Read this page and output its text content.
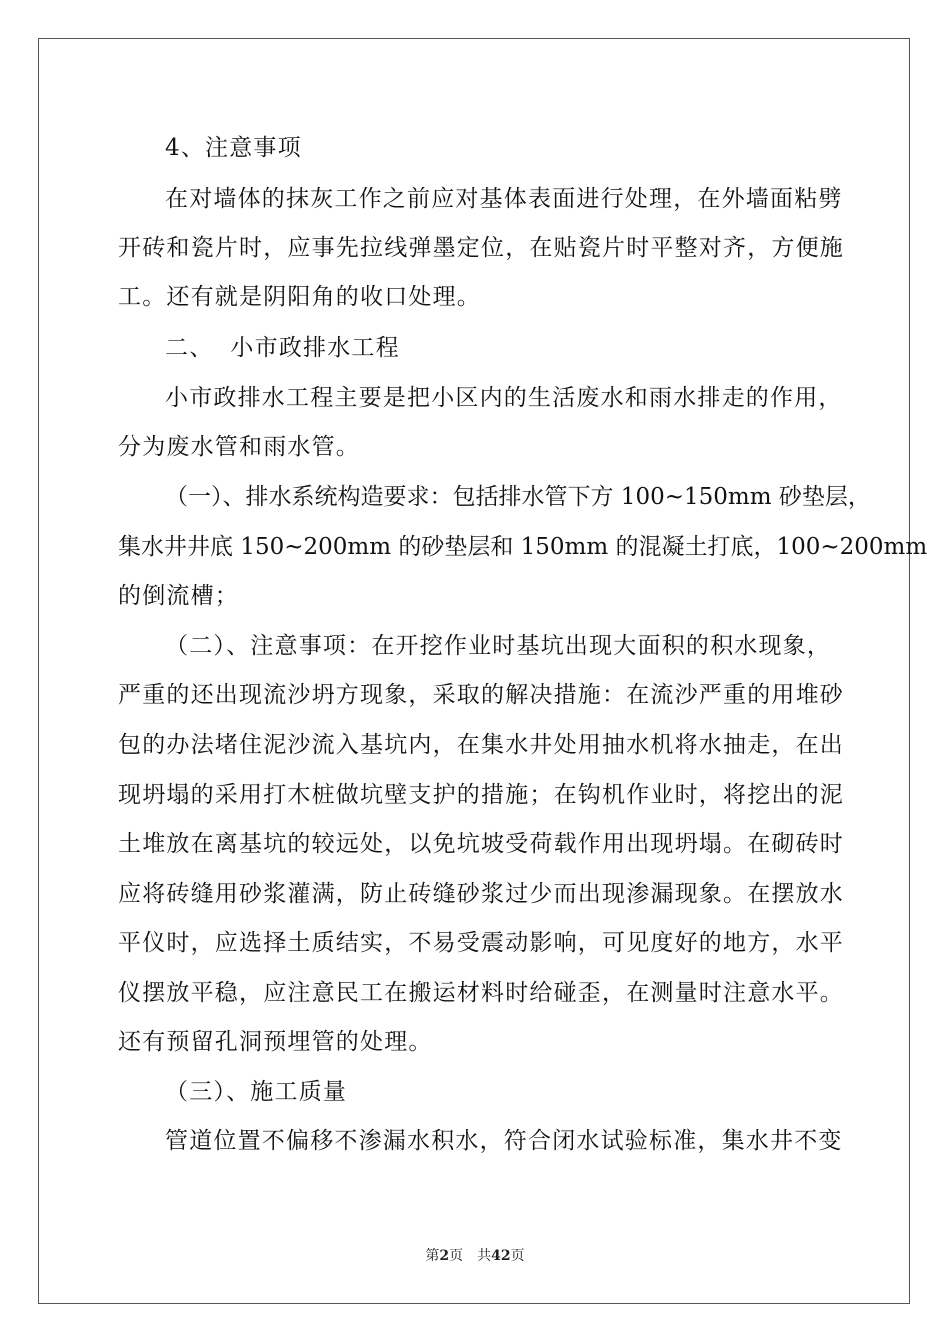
4、注意事项
在对墙体的抹灰工作之前应对基体表面进行处理，在外墙面粘劈
开砖和瓷片时，应事先拉线弹墨定位，在贴瓷片时平整对齐，方便施
工。还有就是阴阳角的收口处理。
二、  小市政排水工程
小市政排水工程主要是把小区内的生活废水和雨水排走的作用，
分为废水管和雨水管。
（一）、排水系统构造要求：包括排水管下方 100~150mm 砂垫层，
集水井井底 150~200mm 的砂垫层和 150mm 的混凝土打底，100~200mm
的倒流槽；
（二）、注意事项：在开挖作业时基坑出现大面积的积水现象，
严重的还出现流沙坍方现象，采取的解决措施：在流沙严重的用堆砂
包的办法堵住泥沙流入基坑内，在集水井处用抽水机将水抽走，在出
现坍塌的采用打木桩做坑壁支护的措施；在钩机作业时，将挖出的泥
土堆放在离基坑的较远处，以免坑坡受荷载作用出现坍塌。在砌砖时
应将砖缝用砂浆灌满，防止砖缝砂浆过少而出现渗漏现象。在摆放水
平仪时，应选择土质结实，不易受震动影响，可见度好的地方，水平
仪摆放平稳，应注意民工在搬运材料时给碰歪，在测量时注意水平。
还有预留孔洞预埋管的处理。
（三）、施工质量
管道位置不偏移不渗漏水积水，符合闭水试验标准，集水井不变
第2页　共42页
